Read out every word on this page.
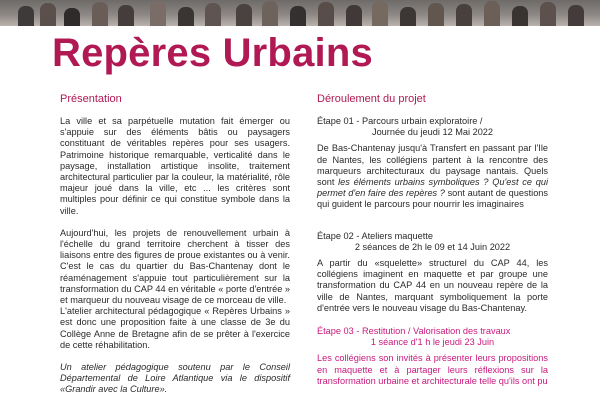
Repères Urbains
Présentation

La ville et sa parpétuelle mutation fait émerger ou s'appuie sur des éléments bâtis ou paysagers constituant de véritables repères pour ses usagers. Patrimoine historique remarquable, verticalité dans le paysage, installation artistique insolite, traitement architectural particulier par la couleur, la matérialité, rôle majeur joué dans la ville, etc ... les critères sont multiples pour définir ce qui constitue symbole dans la ville.

Aujourd'hui, les projets de renouvellement urbain à l'échelle du grand territoire cherchent à tisser des liaisons entre des figures de proue existantes ou à venir. C'est le cas du quartier du Bas-Chantenay dont le réaménagement s'appuie tout particulièrement sur la transformation du CAP 44 en véritable « porte d'entrée » et marqueur du nouveau visage de ce morceau de ville.

L'atelier architectural pédagogique « Repères Urbains » est donc une proposition faite à une classe de 3e du Collège Anne de Bretagne afin de se prêter à l'exercice de cette réhabilitation.

Un atelier pédagogique soutenu par le Conseil Départemental de Loire Atlantique via le dispositif «Grandir avec la Culture».

Déroulement du projet
Étape 01 - Parcours urbain exploratoire /
Journée du jeudi 12 Mai 2022

De Bas-Chantenay jusqu'à Transfert en passant par l'Ile de Nantes, les collégiens partent à la rencontre des marqueurs architecturaux du paysage nantais. Quels sont les éléments urbains symboliques ? Qu'est ce qui permet d'en faire des repères ? sont autant de questions qui guident le parcours pour nourrir les imaginaires

Étape 02 - Ateliers maquette
2 séances de 2h le 09 et 14 Juin 2022

A partir du «squelette» structurel du CAP 44, les collégiens imaginent en maquette et par groupe une transformation du CAP 44 en un nouveau repère de la ville de Nantes, marquant symboliquement la porte d'entrée vers le nouveau visage du Bas-Chantenay.

Étape 03 - Restitution / Valorisation des travaux
1 séance d'1 h le jeudi 23 Juin

Les collégiens son invités à présenter leurs propositions en maquette et à partager leurs réflexions sur la transformation urbaine et architecturale telle qu'ils ont pu
